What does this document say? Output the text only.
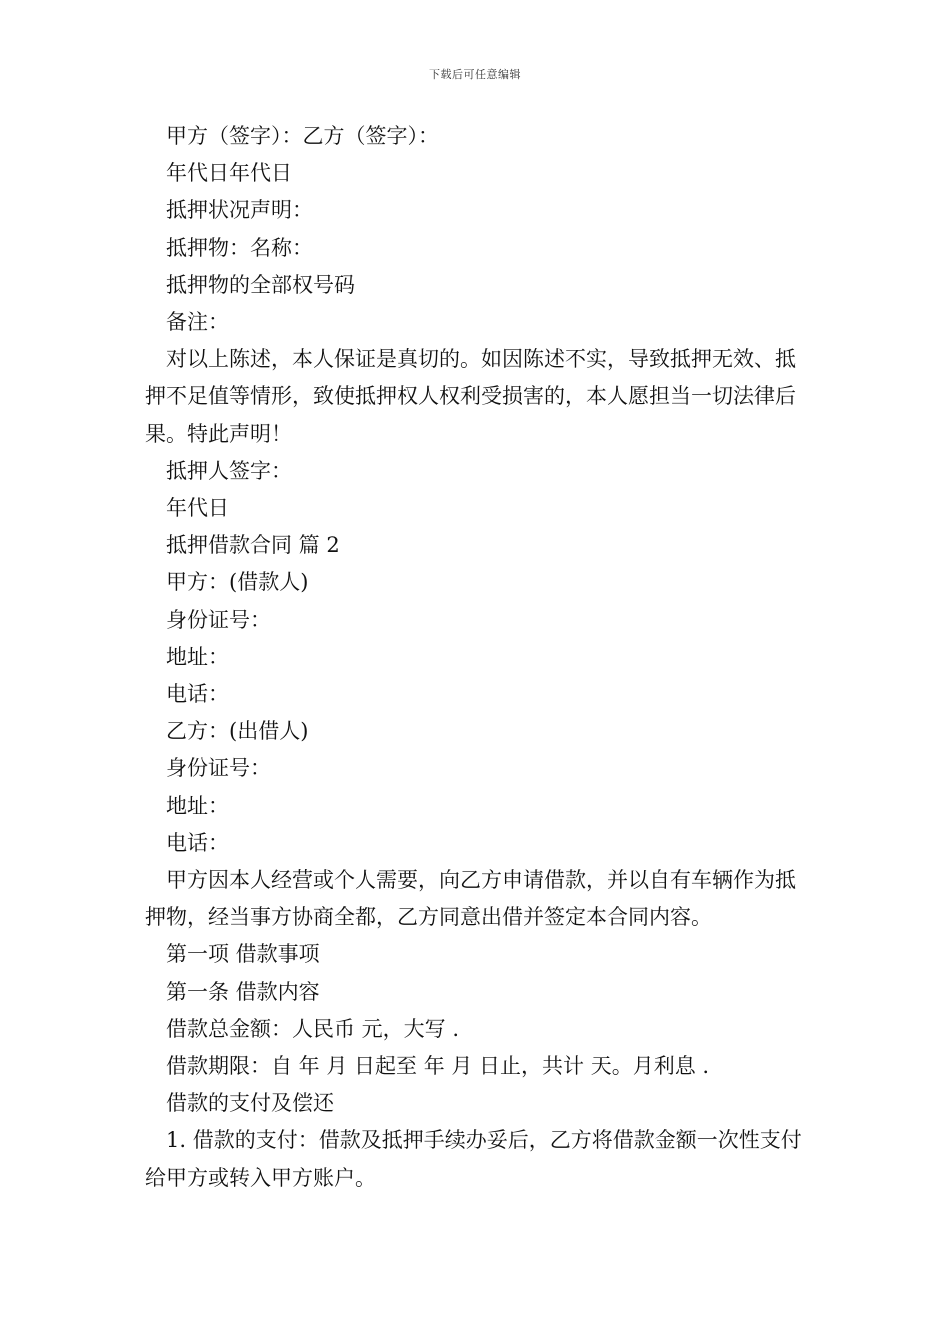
下载后可任意编辑

甲方（签字）：乙方（签字）：

年代日年代日

抵押状况声明：

抵押物：名称：

抵押物的全部权号码

备注：

对以上陈述，本人保证是真切的。如因陈述不实，导致抵押无效、抵押不足值等情形，致使抵押权人权利受损害的，本人愿担当一切法律后果。特此声明！

抵押人签字：

年代日

抵押借款合同 篇 2

甲方：(借款人)

身份证号：

地址：

电话：

乙方：(出借人)

身份证号：

地址：

电话：

甲方因本人经营或个人需要，向乙方申请借款，并以自有车辆作为抵押物，经当事方协商全都，乙方同意出借并签定本合同内容。

第一项 借款事项

第一条 借款内容

借款总金额：人民币 元，大写 .

借款期限：自 年 月 日起至 年 月 日止，共计 天。月利息 .

借款的支付及偿还

1. 借款的支付：借款及抵押手续办妥后，乙方将借款金额一次性支付给甲方或转入甲方账户。
